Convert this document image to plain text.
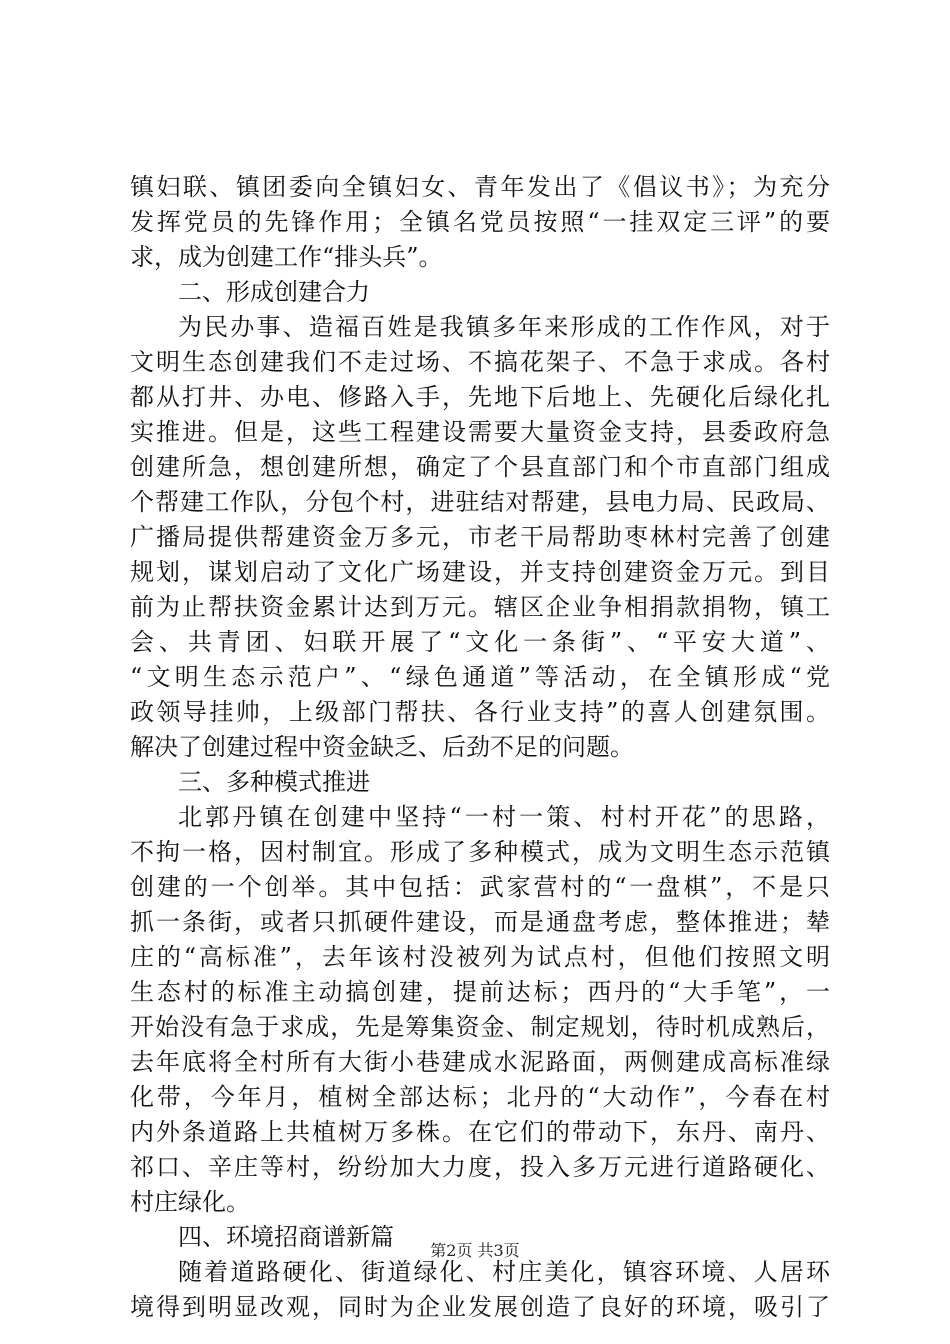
镇妇联、镇团委向全镇妇女、青年发出了《倡议书》；为充分
发挥党员的先锋作用；全镇名党员按照“一挂双定三评”的要
求，成为创建工作“排头兵”。
二、形成创建合力
为民办事、造福百姓是我镇多年来形成的工作作风，对于
文明生态创建我们不走过场、不搞花架子、不急于求成。各村
都从打井、办电、修路入手，先地下后地上、先硬化后绿化扎
实推进。但是，这些工程建设需要大量资金支持，县委政府急
创建所急，想创建所想，确定了个县直部门和个市直部门组成
个帮建工作队，分包个村，进驻结对帮建，县电力局、民政局、
广播局提供帮建资金万多元，市老干局帮助枣林村完善了创建
规划，谋划启动了文化广场建设，并支持创建资金万元。到目
前为止帮扶资金累计达到万元。辖区企业争相捐款捐物，镇工
会、共青团、妇联开展了“文化一条街”、“平安大道”、
“文明生态示范户”、“绿色通道”等活动，在全镇形成“党
政领导挂帅，上级部门帮扶、各行业支持”的喜人创建氛围。
解决了创建过程中资金缺乏、后劲不足的问题。
三、多种模式推进
北郭丹镇在创建中坚持“一村一策、村村开花”的思路，
不拘一格，因村制宜。形成了多种模式，成为文明生态示范镇
创建的一个创举。其中包括：武家营村的“一盘棋”，不是只
抓一条街，或者只抓硬件建设，而是通盘考虑，整体推进；辇
庄的“高标准”，去年该村没被列为试点村，但他们按照文明
生态村的标准主动搞创建，提前达标；西丹的“大手笔”，一
开始没有急于求成，先是筹集资金、制定规划，待时机成熟后，
去年底将全村所有大街小巷建成水泥路面，两侧建成高标准绿
化带，今年月，植树全部达标；北丹的“大动作”，今春在村
内外条道路上共植树万多株。在它们的带动下，东丹、南丹、
祁口、辛庄等村，纷纷加大力度，投入多万元进行道路硬化、
村庄绿化。
四、环境招商谱新篇
随着道路硬化、街道绿化、村庄美化，镇容环境、人居环
境得到明显改观，同时为企业发展创造了良好的环境，吸引了
第2页 共3页
